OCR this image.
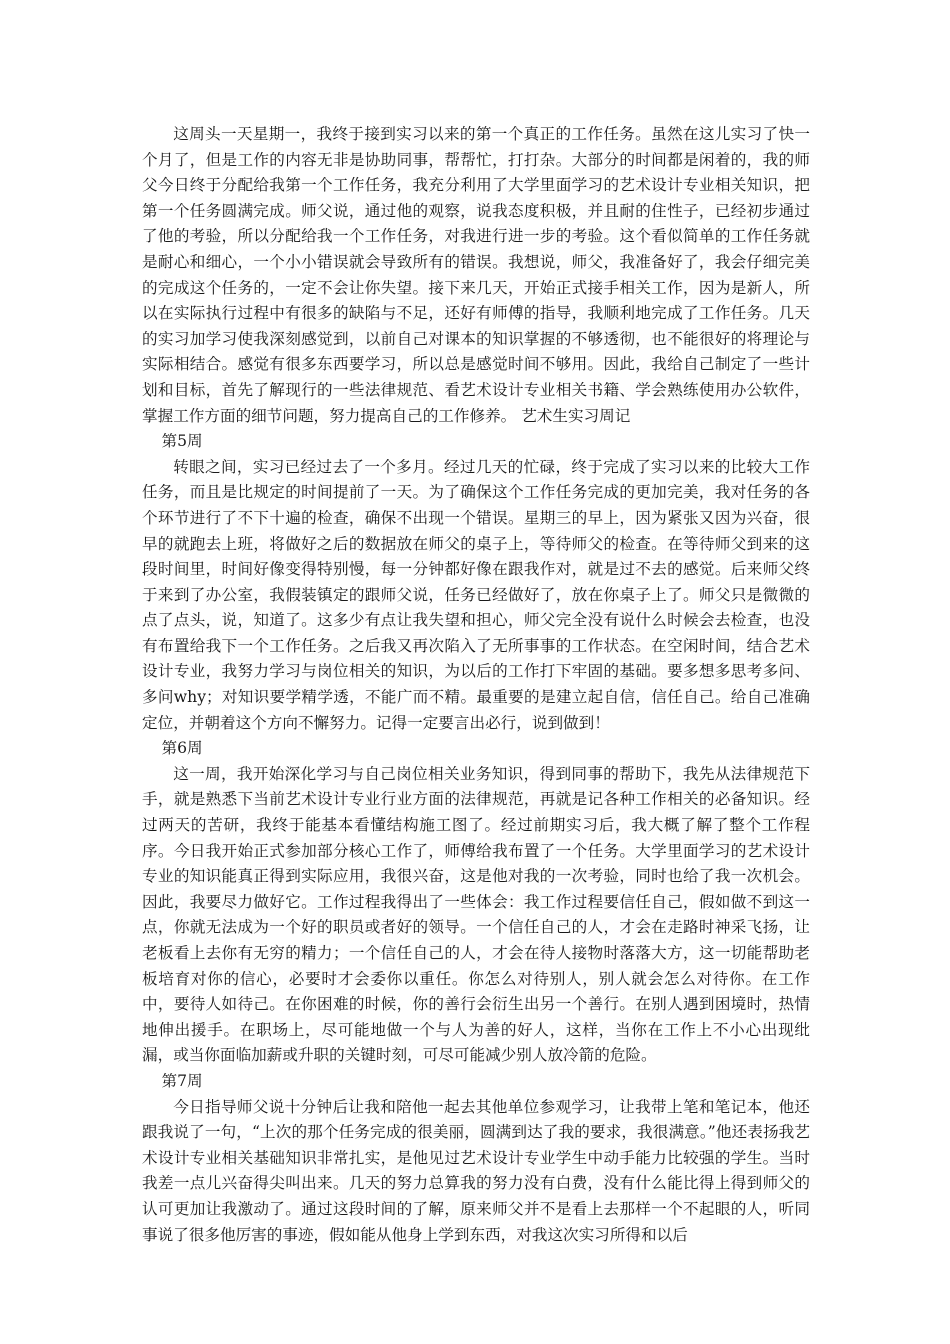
这周头一天星期一，我终于接到实习以来的第一个真正的工作任务。虽然在这儿实习了快一个月了，但是工作的内容无非是协助同事，帮帮忙，打打杂。大部分的时间都是闲着的，我的师父今日终于分配给我第一个工作任务，我充分利用了大学里面学习的艺术设计专业相关知识，把第一个任务圆满完成。师父说，通过他的观察，说我态度积极，并且耐的住性子，已经初步通过了他的考验，所以分配给我一个工作任务，对我进行进一步的考验。这个看似简单的工作任务就是耐心和细心，一个小小错误就会导致所有的错误。我想说，师父，我准备好了，我会仔细完美的完成这个任务的，一定不会让你失望。接下来几天，开始正式接手相关工作，因为是新人，所以在实际执行过程中有很多的缺陷与不足，还好有师傅的指导，我顺利地完成了工作任务。几天的实习加学习使我深刻感觉到，以前自己对课本的知识掌握的不够透彻，也不能很好的将理论与实际相结合。感觉有很多东西要学习，所以总是感觉时间不够用。因此，我给自己制定了一些计划和目标，首先了解现行的一些法律规范、看艺术设计专业相关书籍、学会熟练使用办公软件，掌握工作方面的细节问题，努力提高自己的工作修养。 艺术生实习周记

第5周

转眼之间，实习已经过去了一个多月。经过几天的忙碌，终于完成了实习以来的比较大工作任务，而且是比规定的时间提前了一天。为了确保这个工作任务完成的更加完美，我对任务的各个环节进行了不下十遍的检查，确保不出现一个错误。星期三的早上，因为紧张又因为兴奋，很早的就跑去上班，将做好之后的数据放在师父的桌子上，等待师父的检查。在等待师父到来的这段时间里，时间好像变得特别慢，每一分钟都好像在跟我作对，就是过不去的感觉。后来师父终于来到了办公室，我假装镇定的跟师父说，任务已经做好了，放在你桌子上了。师父只是微微的点了点头，说，知道了。这多少有点让我失望和担心，师父完全没有说什么时候会去检查，也没有布置给我下一个工作任务。之后我又再次陷入了无所事事的工作状态。在空闲时间，结合艺术设计专业，我努力学习与岗位相关的知识，为以后的工作打下牢固的基础。要多想多思考多问、多问why；对知识要学精学透，不能广而不精。最重要的是建立起自信，信任自己。给自己准确定位，并朝着这个方向不懈努力。记得一定要言出必行，说到做到！

第6周

这一周，我开始深化学习与自己岗位相关业务知识，得到同事的帮助下，我先从法律规范下手，就是熟悉下当前艺术设计专业行业方面的法律规范，再就是记各种工作相关的必备知识。经过两天的苦研，我终于能基本看懂结构施工图了。经过前期实习后，我大概了解了整个工作程序。今日我开始正式参加部分核心工作了，师傅给我布置了一个任务。大学里面学习的艺术设计专业的知识能真正得到实际应用，我很兴奋，这是他对我的一次考验，同时也给了我一次机会。因此，我要尽力做好它。工作过程我得出了一些体会：我工作过程要信任自己，假如做不到这一点，你就无法成为一个好的职员或者好的领导。一个信任自己的人，才会在走路时神采飞扬，让老板看上去你有无穷的精力；一个信任自己的人，才会在待人接物时落落大方，这一切能帮助老板培育对你的信心，必要时才会委你以重任。你怎么对待别人，别人就会怎么对待你。在工作中，要待人如待己。在你困难的时候，你的善行会衍生出另一个善行。在别人遇到困境时，热情地伸出援手。在职场上，尽可能地做一个与人为善的好人，这样，当你在工作上不小心出现纰漏，或当你面临加薪或升职的关键时刻，可尽可能减少别人放冷箭的危险。

第7周

今日指导师父说十分钟后让我和陪他一起去其他单位参观学习，让我带上笔和笔记本，他还跟我说了一句，“上次的那个任务完成的很美丽，圆满到达了我的要求，我很满意。”他还表扬我艺术设计专业相关基础知识非常扎实，是他见过艺术设计专业学生中动手能力比较强的学生。当时我差一点儿兴奋得尖叫出来。几天的努力总算我的努力没有白费，没有什么能比得上得到师父的认可更加让我激动了。通过这段时间的了解，原来师父并不是看上去那样一个不起眼的人，听同事说了很多他厉害的事迹，假如能从他身上学到东西，对我这次实习所得和以后
